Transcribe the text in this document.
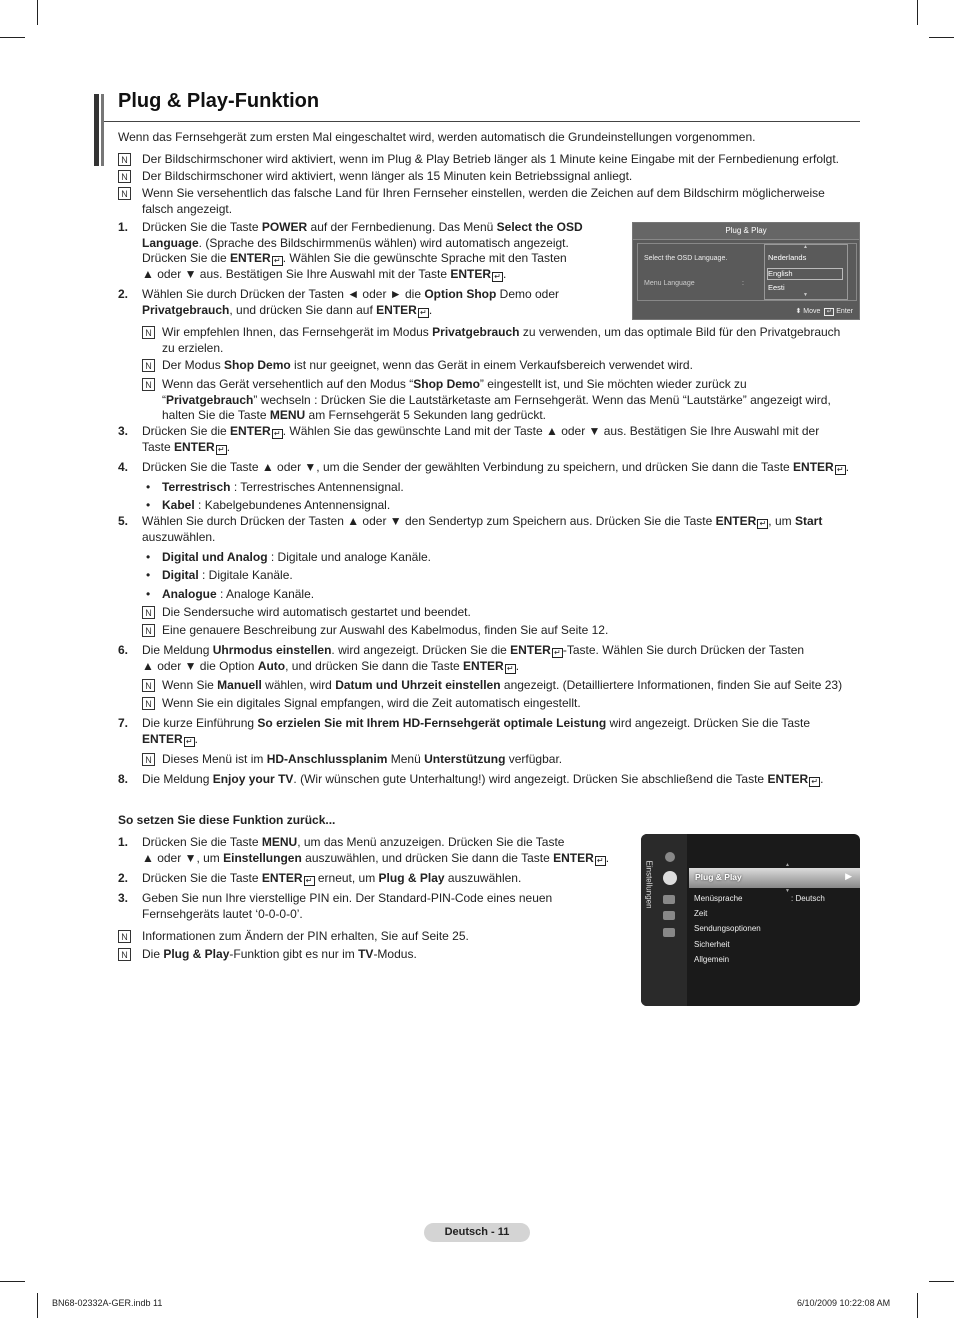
Plug & Play-Funktion
Wenn das Fernsehgerät zum ersten Mal eingeschaltet wird, werden automatisch die Grundeinstellungen vorgenommen.
N Der Bildschirmschoner wird aktiviert, wenn im Plug & Play Betrieb länger als 1 Minute keine Eingabe mit der Fernbedienung erfolgt.
N Der Bildschirmschoner wird aktiviert, wenn länger als 15 Minuten kein Betriebssignal anliegt.
N Wenn Sie versehentlich das falsche Land für Ihren Fernseher einstellen, werden die Zeichen auf dem Bildschirm möglicherweise
falsch angezeigt.
1.	Drücken Sie die Taste POWER auf der Fernbedienung. Das Menü Select the OSD
Language. (Sprache des Bildschirmmenüs wählen) wird automatisch angezeigt.
Drücken Sie die ENTER ↵ . Wählen Sie die gewünschte Sprache mit den Tasten
▲ oder ▼ aus. Bestätigen Sie Ihre Auswahl mit der Taste ENTER ↵ .
Plug & Play
Select the OSD Language.
Menu Language	:
▲
Nederlands
English
Eesti
▼
⬍ Move ↵ Enter
2.	Wählen Sie durch Drücken der Tasten ◄ oder ► die Option Shop Demo oder
Privatgebrauch, und drücken Sie dann auf ENTER ↵ .
N Wir empfehlen Ihnen, das Fernsehgerät im Modus Privatgebrauch zu verwenden, um das optimale Bild für den Privatgebrauch
zu erzielen.
N Der Modus Shop Demo ist nur geeignet, wenn das Gerät in einem Verkaufsbereich verwendet wird.
N Wenn das Gerät versehentlich auf den Modus “Shop Demo” eingestellt ist, und Sie möchten wieder zurück zu
“Privatgebrauch” wechseln : Drücken Sie die Lautstärketaste am Fernsehgerät. Wenn das Menü “Lautstärke” angezeigt wird,
halten Sie die Taste MENU am Fernsehgerät 5 Sekunden lang gedrückt.
3.	Drücken Sie die ENTER ↵ . Wählen Sie das gewünschte Land mit der Taste ▲ oder ▼ aus. Bestätigen Sie Ihre Auswahl mit der
Taste ENTER ↵ .
4.	Drücken Sie die Taste ▲ oder ▼, um die Sender der gewählten Verbindung zu speichern, und drücken Sie dann die Taste ENTER ↵ .
• Terrestrisch : Terrestrisches Antennensignal.
• Kabel : Kabelgebundenes Antennensignal.
5.	Wählen Sie durch Drücken der Tasten ▲ oder ▼ den Sendertyp zum Speichern aus. Drücken Sie die Taste ENTER ↵ , um Start
auszuwählen.
• Digital und Analog : Digitale und analoge Kanäle.
• Digital : Digitale Kanäle.
• Analogue : Analoge Kanäle.
N Die Sendersuche wird automatisch gestartet und beendet.
N Eine genauere Beschreibung zur Auswahl des Kabelmodus, finden Sie auf Seite 12.
6.	Die Meldung Uhrmodus einstellen. wird angezeigt. Drücken Sie die ENTER ↵ -Taste. Wählen Sie durch Drücken der Tasten
▲ oder ▼ die Option Auto, und drücken Sie dann die Taste ENTER ↵ .
N Wenn Sie Manuell wählen, wird Datum und Uhrzeit einstellen angezeigt. (Detailliertere Informationen, finden Sie auf Seite 23)
N Wenn Sie ein digitales Signal empfangen, wird die Zeit automatisch eingestellt.
7.	Die kurze Einführung So erzielen Sie mit Ihrem HD-Fernsehgerät optimale Leistung wird angezeigt. Drücken Sie die Taste
ENTER ↵ .
N Dieses Menü ist im HD-Anschlussplanim Menü Unterstützung verfügbar.
8.	Die Meldung Enjoy your TV. (Wir wünschen gute Unterhaltung!) wird angezeigt. Drücken Sie abschließend die Taste ENTER ↵ .
So setzen Sie diese Funktion zurück...
1.	Drücken Sie die Taste MENU, um das Menü anzuzeigen. Drücken Sie die Taste
▲ oder ▼, um Einstellungen auszuwählen, und drücken Sie dann die Taste ENTER ↵ .
2.	Drücken Sie die Taste ENTER ↵ erneut, um Plug & Play auszuwählen.
3.	Geben Sie nun Ihre vierstellige PIN ein. Der Standard-PIN-Code eines neuen
Fernsehgeräts lautet ‘0-0-0-0’.
N Informationen zum Ändern der PIN erhalten, Sie auf Seite 25.
N Die Plug & Play-Funktion gibt es nur im TV-Modus.
Einstellungen	▲
Plug & Play	▶
▼
Menüsprache	: Deutsch
Zeit
Sendungsoptionen
Sicherheit
Allgemein
Deutsch - 11
BN68-02332A-GER.indb 11	6/10/2009 10:22:08 AM
